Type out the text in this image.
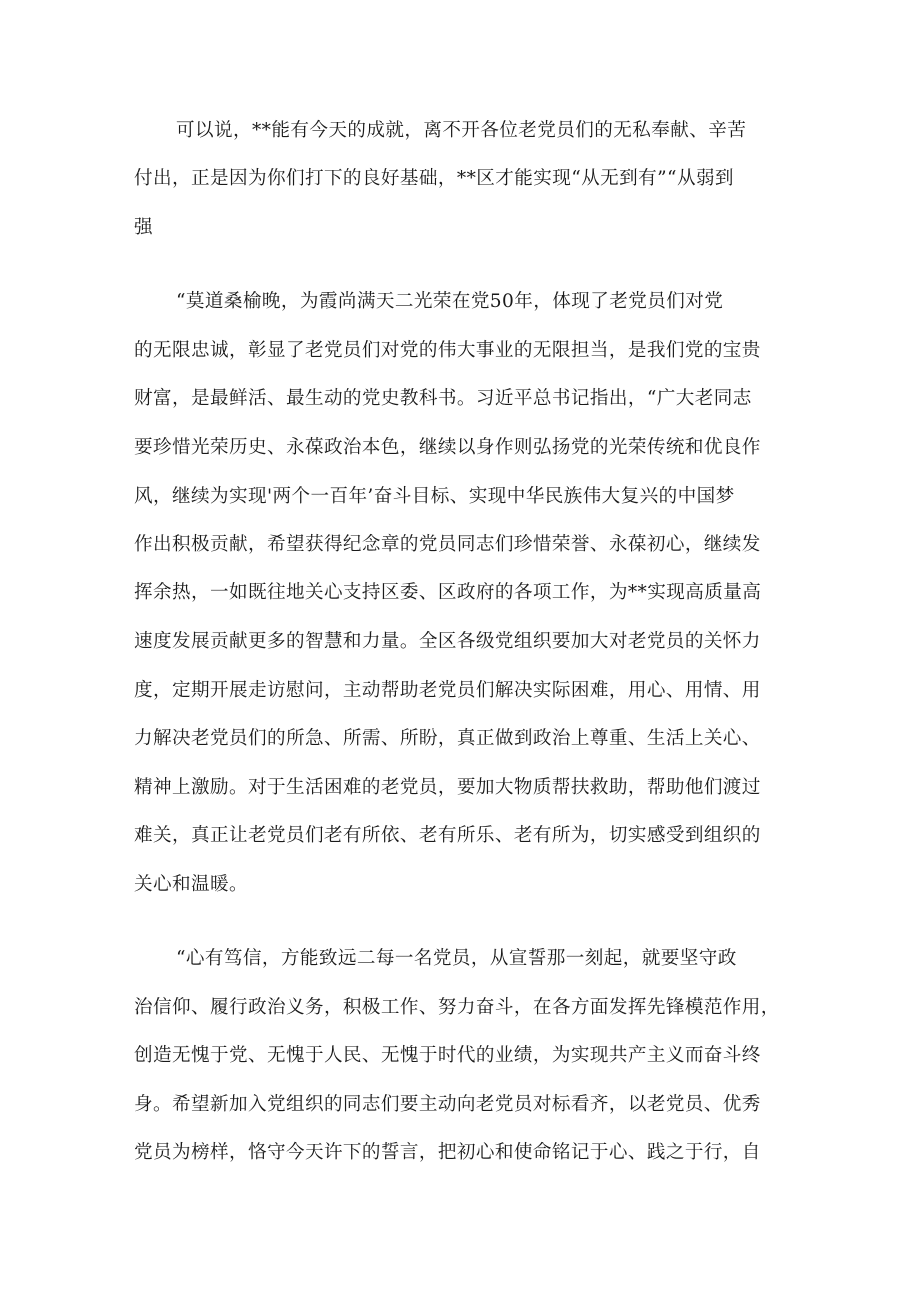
可以说，**能有今天的成就，离不开各位老党员们的无私奉献、辛苦
付出，正是因为你们打下的良好基础，**区才能实现“从无到有”“从弱到
强
“莫道桑榆晚，为霞尚满天二光荣在党50年，体现了老党员们对党
的无限忠诚，彰显了老党员们对党的伟大事业的无限担当，是我们党的宝贵
财富，是最鲜活、最生动的党史教科书。习近平总书记指出，“广大老同志
要珍惜光荣历史、永葆政治本色，继续以身作则弘扬党的光荣传统和优良作
风，继续为实现'两个一百年’奋斗目标、实现中华民族伟大复兴的中国梦
作出积极贡献，希望获得纪念章的党员同志们珍惜荣誉、永葆初心，继续发
挥余热，一如既往地关心支持区委、区政府的各项工作，为**实现高质量高
速度发展贡献更多的智慧和力量。全区各级党组织要加大对老党员的关怀力
度，定期开展走访慰问，主动帮助老党员们解决实际困难，用心、用情、用
力解决老党员们的所急、所需、所盼，真正做到政治上尊重、生活上关心、
精神上激励。对于生活困难的老党员，要加大物质帮扶救助，帮助他们渡过
难关，真正让老党员们老有所依、老有所乐、老有所为，切实感受到组织的
关心和温暖。
“心有笃信，方能致远二每一名党员，从宣誓那一刻起，就要坚守政
治信仰、履行政治义务，积极工作、努力奋斗，在各方面发挥先锋模范作用，
创造无愧于党、无愧于人民、无愧于时代的业绩，为实现共产主义而奋斗终
身。希望新加入党组织的同志们要主动向老党员对标看齐，以老党员、优秀
党员为榜样，恪守今天许下的誓言，把初心和使命铭记于心、践之于行，自
